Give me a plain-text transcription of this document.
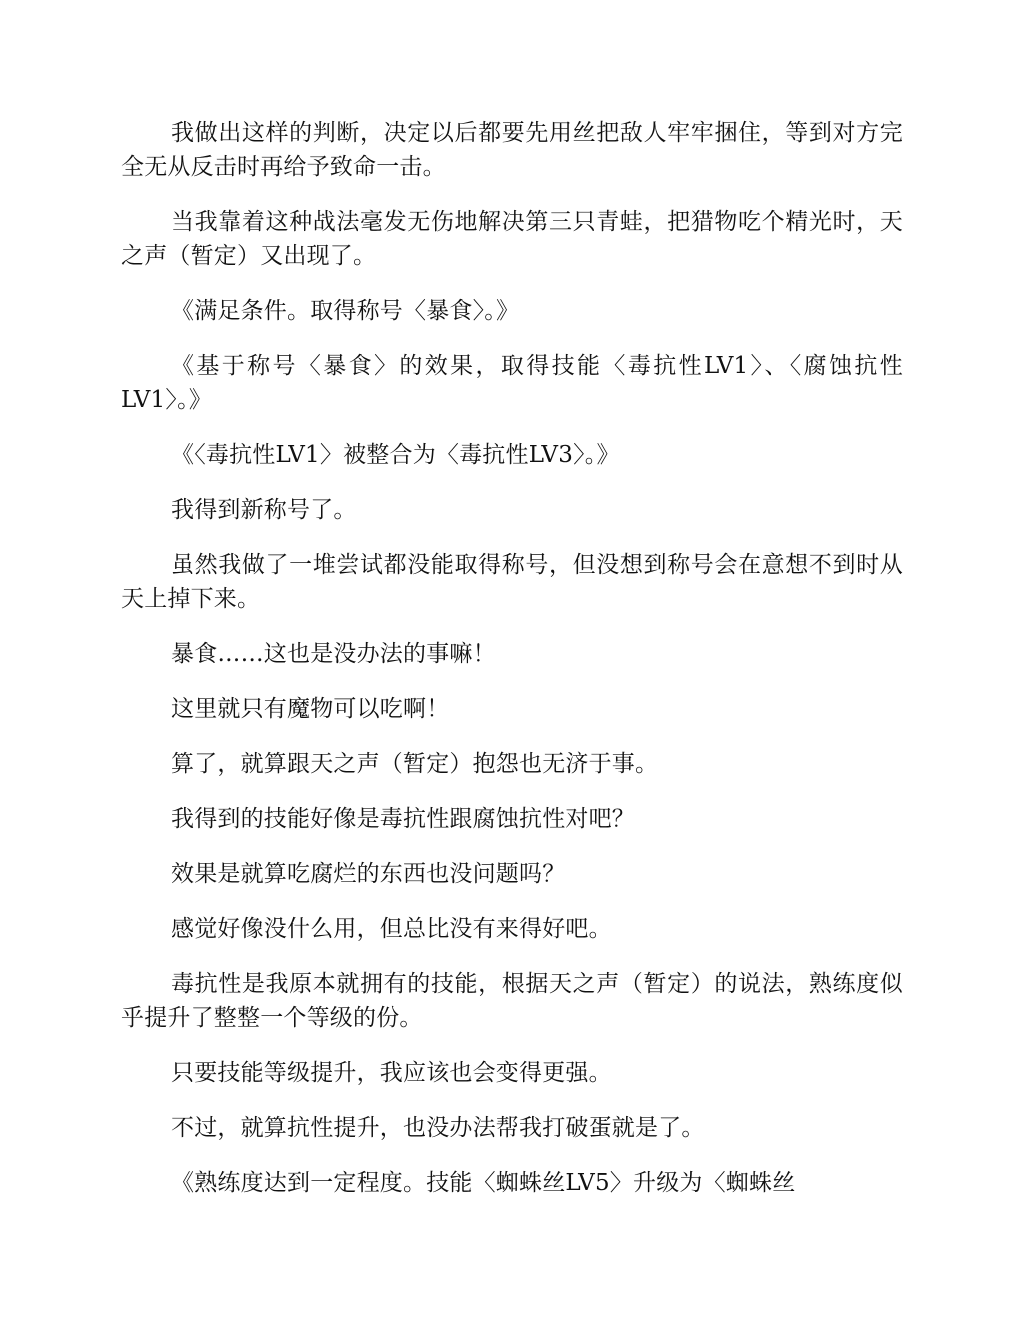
我做出这样的判断，决定以后都要先用丝把敌人牢牢捆住，等到对方完全无从反击时再给予致命一击。

当我靠着这种战法毫发无伤地解决第三只青蛙，把猎物吃个精光时，天之声（暂定）又出现了。

《满足条件。取得称号〈暴食〉。》

《基于称号〈暴食〉的效果，取得技能〈毒抗性LV1〉、〈腐蚀抗性LV1〉。》

《〈毒抗性LV1〉被整合为〈毒抗性LV3〉。》

我得到新称号了。

虽然我做了一堆尝试都没能取得称号，但没想到称号会在意想不到时从天上掉下来。

暴食……这也是没办法的事嘛！

这里就只有魔物可以吃啊！

算了，就算跟天之声（暂定）抱怨也无济于事。

我得到的技能好像是毒抗性跟腐蚀抗性对吧？

效果是就算吃腐烂的东西也没问题吗？

感觉好像没什么用，但总比没有来得好吧。

毒抗性是我原本就拥有的技能，根据天之声（暂定）的说法，熟练度似乎提升了整整一个等级的份。

只要技能等级提升，我应该也会变得更强。

不过，就算抗性提升，也没办法帮我打破蛋就是了。

《熟练度达到一定程度。技能〈蜘蛛丝LV5〉升级为〈蜘蛛丝
